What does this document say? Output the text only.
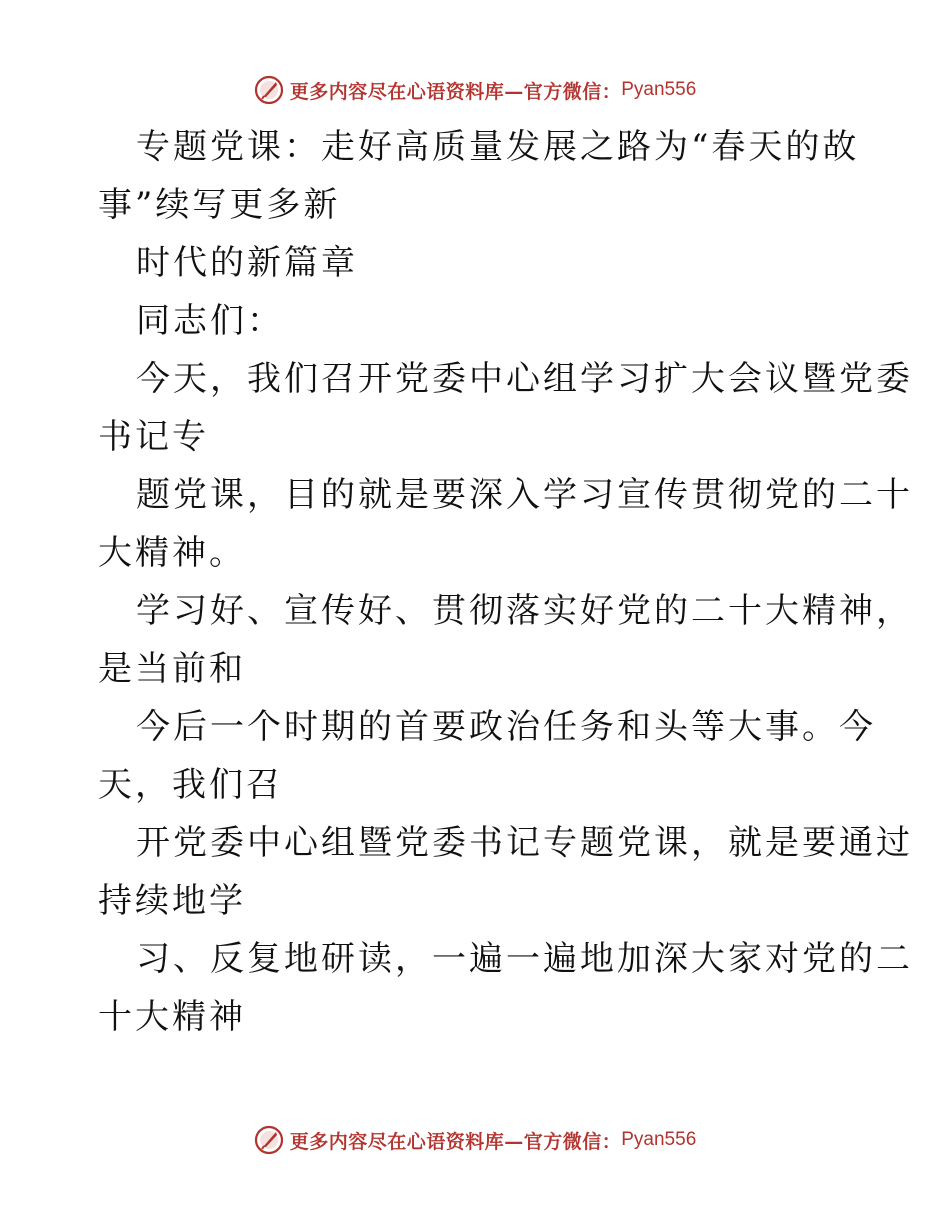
更多内容尽在心语资料库—官方微信： Pyan556
专题党课：走好高质量发展之路为“春天的故
事”续写更多新
时代的新篇章
同志们：
今天，我们召开党委中心组学习扩大会议暨党委
书记专
题党课，目的就是要深入学习宣传贯彻党的二十
大精神。
学习好、宣传好、贯彻落实好党的二十大精神，
是当前和
今后一个时期的首要政治任务和头等大事。今
天，我们召
开党委中心组暨党委书记专题党课，就是要通过
持续地学
习、反复地研读，一遍一遍地加深大家对党的二
十大精神
更多内容尽在心语资料库—官方微信： Pyan556
